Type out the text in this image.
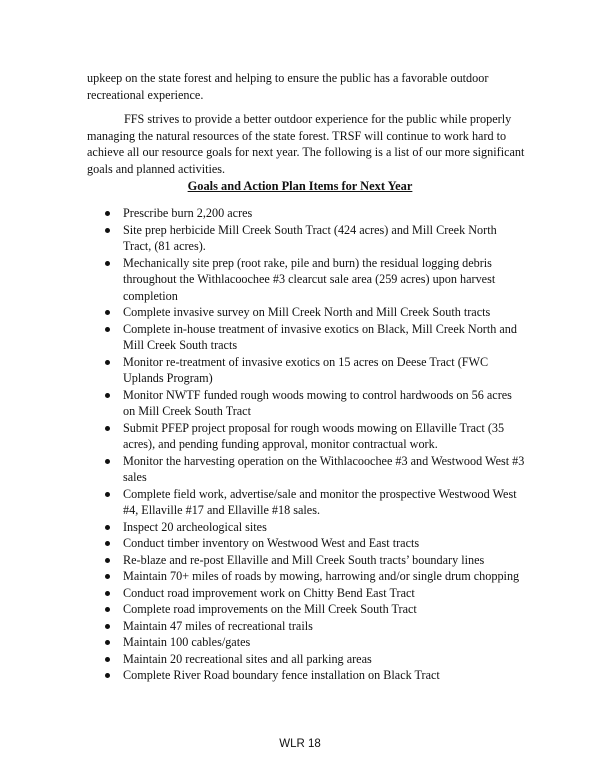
upkeep on the state forest and helping to ensure the public has a favorable outdoor recreational experience.

FFS strives to provide a better outdoor experience for the public while properly managing the natural resources of the state forest. TRSF will continue to work hard to achieve all our resource goals for next year. The following is a list of our more significant goals and planned activities.

Goals and Action Plan Items for Next Year

Prescribe burn 2,200 acres
Site prep herbicide Mill Creek South Tract (424 acres) and Mill Creek North Tract, (81 acres).
Mechanically site prep (root rake, pile and burn) the residual logging debris throughout the Withlacoochee #3 clearcut sale area (259 acres) upon harvest completion
Complete invasive survey on Mill Creek North and Mill Creek South tracts
Complete in-house treatment of invasive exotics on Black, Mill Creek North and Mill Creek South tracts
Monitor re-treatment of invasive exotics on 15 acres on Deese Tract (FWC Uplands Program)
Monitor NWTF funded rough woods mowing to control hardwoods on 56 acres on Mill Creek South Tract
Submit PFEP project proposal for rough woods mowing on Ellaville Tract (35 acres), and pending funding approval, monitor contractual work.
Monitor the harvesting operation on the Withlacoochee #3 and Westwood West #3 sales
Complete field work, advertise/sale and monitor the prospective Westwood West #4, Ellaville #17 and Ellaville #18 sales.
Inspect 20 archeological sites
Conduct timber inventory on Westwood West and East tracts
Re-blaze and re-post Ellaville and Mill Creek South tracts’ boundary lines
Maintain 70+ miles of roads by mowing, harrowing and/or single drum chopping
Conduct road improvement work on Chitty Bend East Tract
Complete road improvements on the Mill Creek South Tract
Maintain 47 miles of recreational trails
Maintain 100 cables/gates
Maintain 20 recreational sites and all parking areas
Complete River Road boundary fence installation on Black Tract

WLR 18
